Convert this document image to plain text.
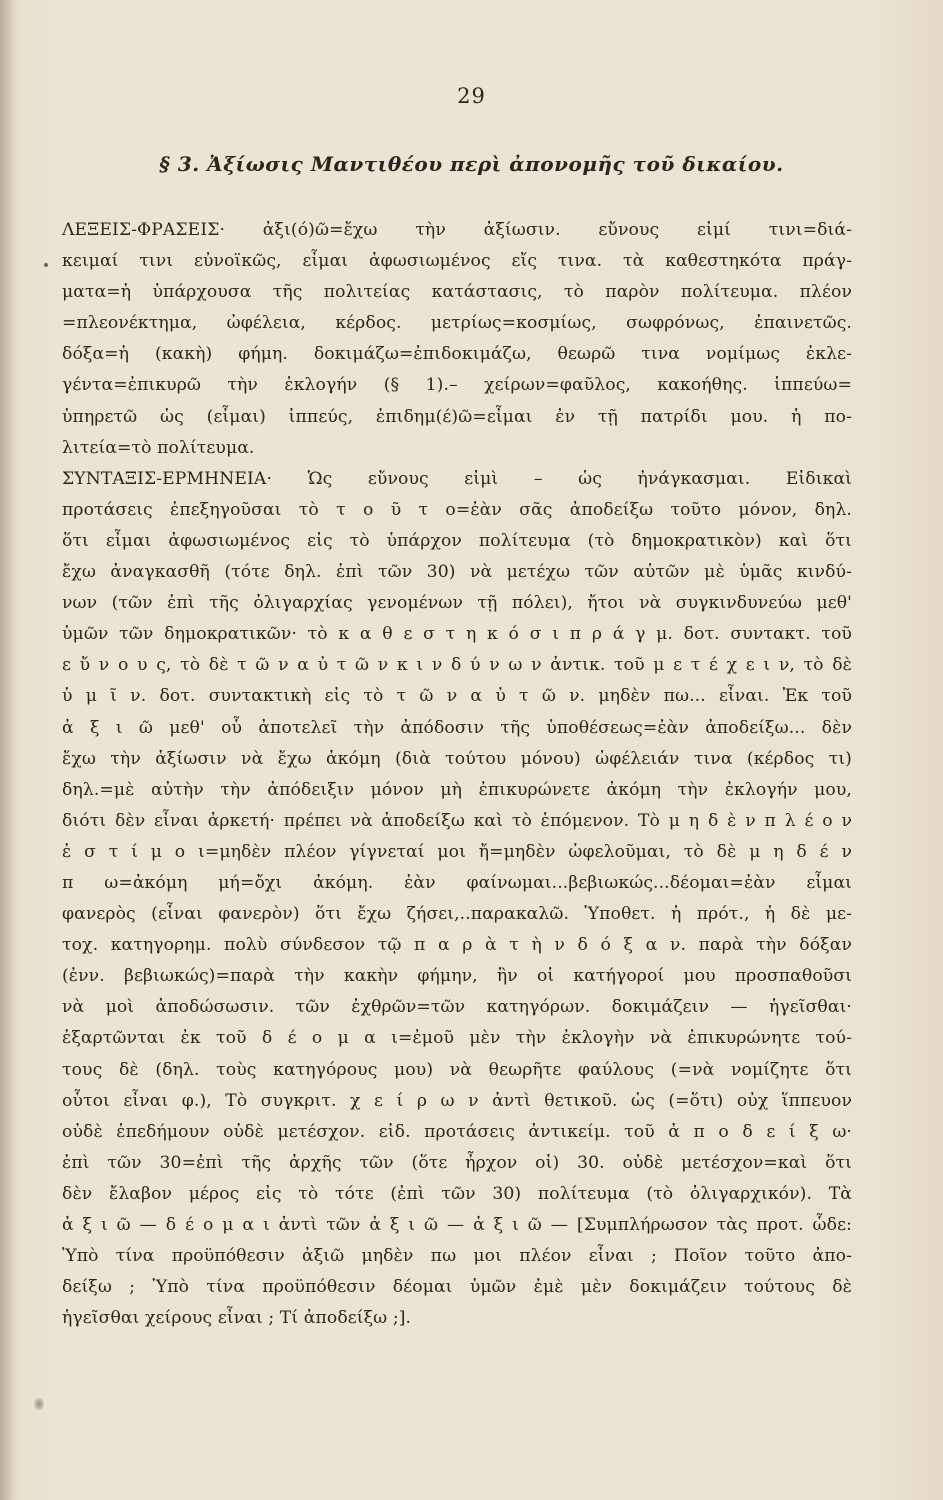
29
§ 3. Ἀξίωσις Μαντιθέου περὶ ἀπονομῆς τοῦ δικαίου.
ΛΕΞΕΙΣ-ΦΡΑΣΕΙΣ· ἀξι(ό)ῶ=ἔχω τὴν ἀξίωσιν. εὔνους εἰμί τινι=διά-
κειμαί τινι εὐνοϊκῶς, εἶμαι ἀφωσιωμένος εἴς τινα. τὰ καθεστηκότα πράγ-
ματα=ἡ ὑπάρχουσα τῆς πολιτείας κατάστασις, τὸ παρὸν πολίτευμα. πλέον
=πλεονέκτημα, ὠφέλεια, κέρδος. μετρίως=κοσμίως, σωφρόνως, ἐπαινετῶς.
δόξα=ἡ (κακὴ) φήμη. δοκιμάζω=ἐπιδοκιμάζω, θεωρῶ τινα νομίμως ἐκλε-
γέντα=ἐπικυρῶ τὴν ἐκλογήν (§ 1).– χείρων=φαῦλος, κακοήθης. ἱππεύω=
ὑπηρετῶ ὡς (εἶμαι) ἱππεύς, ἐπιδημ(έ)ῶ=εἶμαι ἐν τῇ πατρίδι μου. ἡ πο-
λιτεία=τὸ πολίτευμα.
ΣΥΝΤΑΞΙΣ-ΕΡΜΗΝΕΙΑ· Ὡς εὔνους εἰμὶ – ὡς ἠνάγκασμαι. Εἰδικαὶ
προτάσεις ἐπεξηγοῦσαι τὸ τ ο ῦ τ ο=ἐὰν σᾶς ἀποδείξω τοῦτο μόνον, δηλ.
ὅτι εἶμαι ἀφωσιωμένος εἰς τὸ ὑπάρχον πολίτευμα (τὸ δημοκρατικὸν) καὶ ὅτι
ἔχω ἀναγκασθῆ (τότε δηλ. ἐπὶ τῶν 30) νὰ μετέχω τῶν αὐτῶν μὲ ὑμᾶς κινδύ-
νων (τῶν ἐπὶ τῆς ὀλιγαρχίας γενομένων τῇ πόλει), ἤτοι νὰ συγκινδυνεύω μεθ'
ὑμῶν τῶν δημοκρατικῶν· τὸ κ α θ ε σ τ η κ ό σ ι π ρ ά γ μ. δοτ. συντακτ. τοῦ
ε ὔ ν ο υ ς, τὸ δὲ τ ῶ ν α ὐ τ ῶ ν κ ι ν δ ύ ν ω ν ἀντικ. τοῦ μ ε τ έ χ ε ι ν, τὸ δὲ
ὑ μ ῖ ν. δοτ. συντακτικὴ εἰς τὸ τ ῶ ν α ὐ τ ῶ ν. μηδὲν πω... εἶναι. Ἐκ τοῦ
ἀ ξ ι ῶ μεθ' οὗ ἀποτελεῖ τὴν ἀπόδοσιν τῆς ὑποθέσεως=ἐὰν ἀποδείξω... δὲν
ἔχω τὴν ἀξίωσιν νὰ ἔχω ἀκόμη (διὰ τούτου μόνου) ὠφέλειάν τινα (κέρδος τι)
δηλ.=μὲ αὐτὴν τὴν ἀπόδειξιν μόνον μὴ ἐπικυρώνετε ἀκόμη τὴν ἐκλογήν μου,
διότι δὲν εἶναι ἀρκετή· πρέπει νὰ ἀποδείξω καὶ τὸ ἑπόμενον. Τὸ μ η δ ὲ ν π λ έ ο ν
ἐ σ τ ί μ ο ι=μηδὲν πλέον γίγνεταί μοι ἤ=μηδὲν ὠφελοῦμαι, τὸ δὲ μ η δ έ ν
π ω=ἀκόμη μή=ὄχι ἀκόμη. ἐὰν φαίνωμαι...βεβιωκώς...δέομαι=ἐὰν εἶμαι
φανερὸς (εἶναι φανερὸν) ὅτι ἔχω ζήσει,..παρακαλῶ. Ὑποθετ. ἡ πρότ., ἡ δὲ με-
τοχ. κατηγορημ. πολὺ σύνδεσον τῷ π α ρ ὰ τ ὴ ν δ ό ξ α ν. παρὰ τὴν δόξαν
(ἐνν. βεβιωκώς)=παρὰ τὴν κακὴν φήμην, ἣν οἱ κατήγοροί μου προσπαθοῦσι
νὰ μοὶ ἀποδώσωσιν. τῶν ἐχθρῶν=τῶν κατηγόρων. δοκιμάζειν — ἡγεῖσθαι·
ἐξαρτῶνται ἐκ τοῦ δ έ ο μ α ι=ἐμοῦ μὲν τὴν ἐκλογὴν νὰ ἐπικυρώνητε τού-
τους δὲ (δηλ. τοὺς κατηγόρους μου) νὰ θεωρῆτε φαύλους (=νὰ νομίζητε ὅτι
οὗτοι εἶναι φ.), Τὸ συγκριτ. χ ε ί ρ ω ν ἀντὶ θετικοῦ. ὡς (=ὅτι) οὐχ ἵππευον
οὐδὲ ἐπεδήμουν οὐδὲ μετέσχον. εἰδ. προτάσεις ἀντικείμ. τοῦ ἀ π ο δ ε ί ξ ω·
ἐπὶ τῶν 30=ἐπὶ τῆς ἀρχῆς τῶν (ὅτε ἦρχον οἱ) 30. οὐδὲ μετέσχον=καὶ ὅτι
δὲν ἔλαβον μέρος εἰς τὸ τότε (ἐπὶ τῶν 30) πολίτευμα (τὸ ὀλιγαρχικόν). Τὰ
ἀ ξ ι ῶ — δ έ ο μ α ι ἀντὶ τῶν ἀ ξ ι ῶ — ἀ ξ ι ῶ — [Συμπλήρωσον τὰς προτ. ὧδε:
Ὑπὸ τίνα προϋπόθεσιν ἀξιῶ μηδὲν πω μοι πλέον εἶναι ; Ποῖον τοῦτο ἀπο-
δείξω ; Ὑπὸ τίνα προϋπόθεσιν δέομαι ὑμῶν ἐμὲ μὲν δοκιμάζειν τούτους δὲ
ἡγεῖσθαι χείρους εἶναι ; Τί ἀποδείξω ;].
